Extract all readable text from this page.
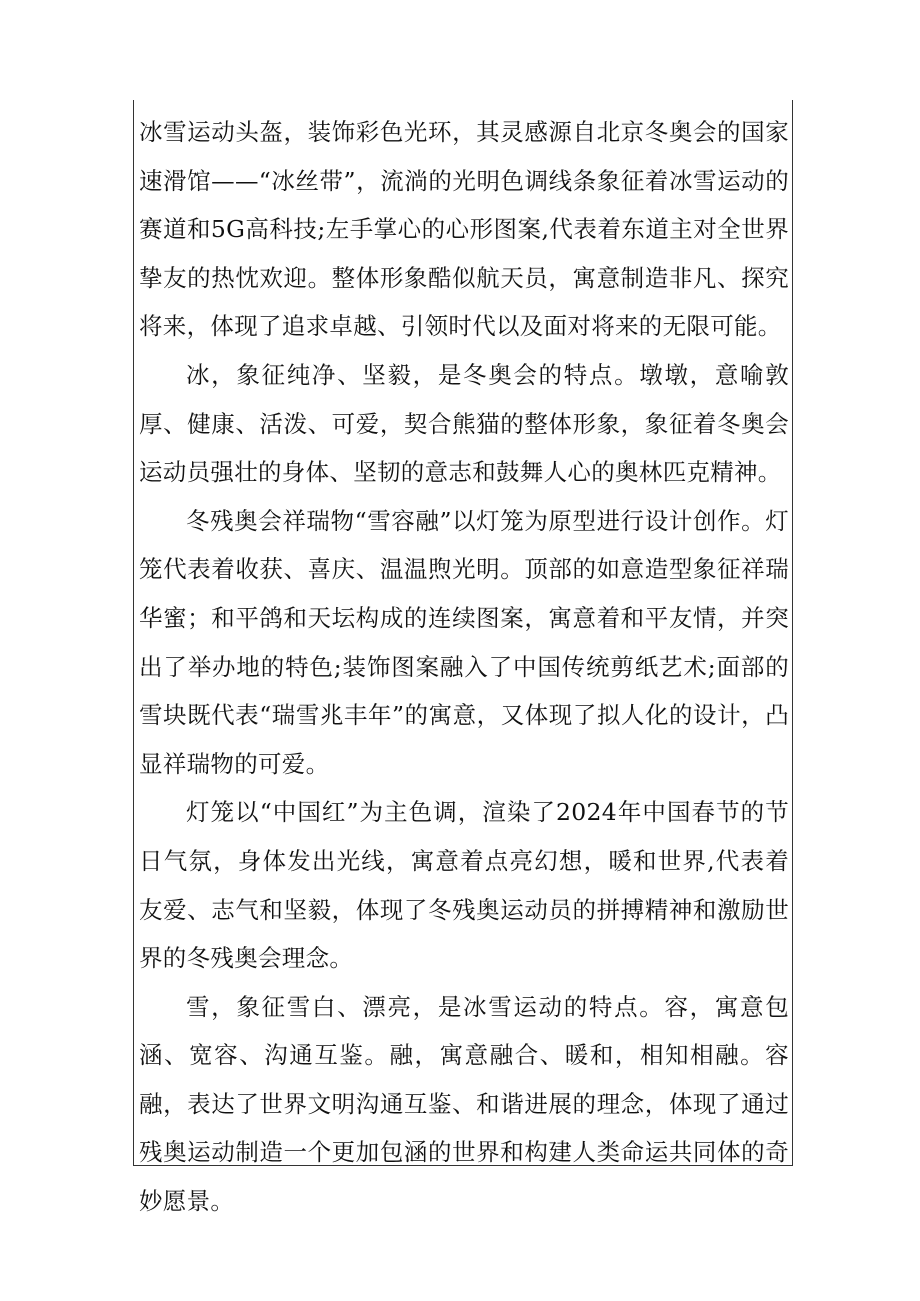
冰雪运动头盔，装饰彩色光环，其灵感源自北京冬奥会的国家速滑馆——“冰丝带”，流淌的光明色调线条象征着冰雪运动的赛道和5G高科技;左手掌心的心形图案,代表着东道主对全世界挚友的热忱欢迎。整体形象酷似航天员，寓意制造非凡、探究将来，体现了追求卓越、引领时代以及面对将来的无限可能。

冰，象征纯净、坚毅，是冬奥会的特点。墩墩，意喻敦厚、健康、活泼、可爱，契合熊猫的整体形象，象征着冬奥会运动员强壮的身体、坚韧的意志和鼓舞人心的奥林匹克精神。

冬残奥会祥瑞物“雪容融”以灯笼为原型进行设计创作。灯笼代表着收获、喜庆、温温煦光明。顶部的如意造型象征祥瑞华蜜；和平鸽和天坛构成的连续图案，寓意着和平友情，并突出了举办地的特色;装饰图案融入了中国传统剪纸艺术;面部的雪块既代表“瑞雪兆丰年”的寓意，又体现了拟人化的设计，凸显祥瑞物的可爱。

灯笼以“中国红”为主色调，渲染了2024年中国春节的节日气氛，身体发出光线，寓意着点亮幻想，暖和世界,代表着友爱、志气和坚毅，体现了冬残奥运动员的拼搏精神和激励世界的冬残奥会理念。

雪，象征雪白、漂亮，是冰雪运动的特点。容，寓意包涵、宽容、沟通互鉴。融，寓意融合、暖和，相知相融。容融，表达了世界文明沟通互鉴、和谐进展的理念，体现了通过残奥运动制造一个更加包涵的世界和构建人类命运共同体的奇妙愿景。
